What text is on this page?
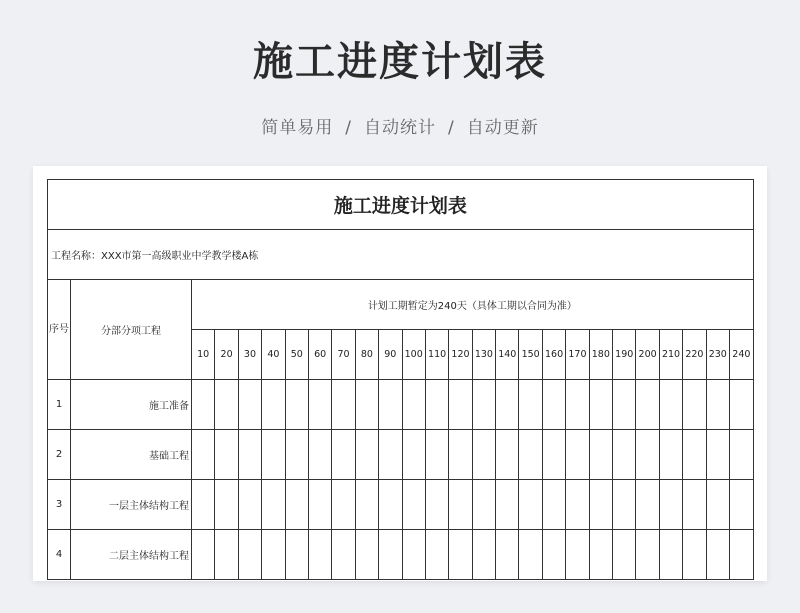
施工进度计划表
简单易用 / 自动统计 / 自动更新
施工进度计划表																									
工程名称：XXX市第一高级职业中学教学楼A栋																									
序号	分部分项工程	计划工期暂定为240天（具体工期以合同为准）																							
		10	20	30	40	50	60	70	80	90	100	110	120	130	140	150	160	170	180	190	200	210	220	230	240
1	施工准备																								
2	基础工程																								
3	一层主体结构工程																								
4	二层主体结构工程																								
